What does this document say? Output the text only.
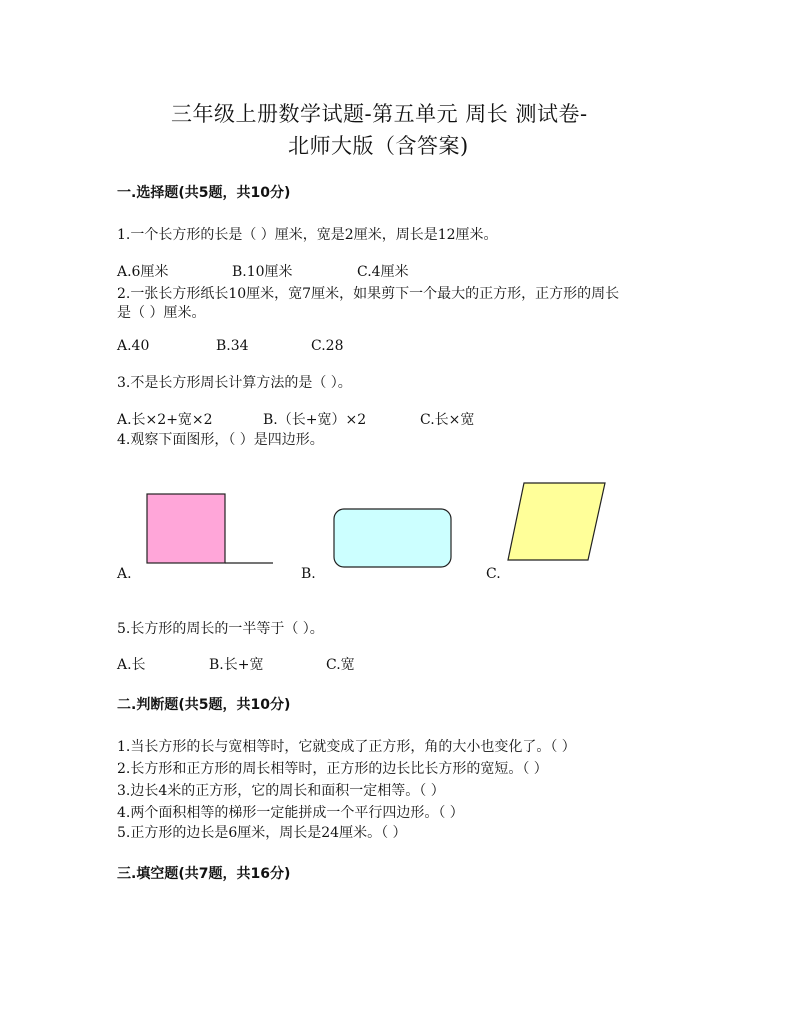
三年级上册数学试题-第五单元 周长 测试卷-
北师大版（含答案)
一.选择题(共5题，共10分)
1.一个长方形的长是（ ）厘米，宽是2厘米，周长是12厘米。
A.6厘米	B.10厘米	C.4厘米
2.一张长方形纸长10厘米，宽7厘米，如果剪下一个最大的正方形，正方形的周长
是（ ）厘米。
A.40	B.34	C.28
3.不是长方形周长计算方法的是（ ）。
A.长×2+宽×2	B.（长+宽）×2	C.长×宽
4.观察下面图形，（ ）是四边形。
A.	B.	C.
5.长方形的周长的一半等于（ ）。
A.长	B.长+宽	C.宽
二.判断题(共5题，共10分)
1.当长方形的长与宽相等时，它就变成了正方形，角的大小也变化了。（ ）
2.长方形和正方形的周长相等时，正方形的边长比长方形的宽短。（ ）
3.边长4米的正方形，它的周长和面积一定相等。（ ）
4.两个面积相等的梯形一定能拼成一个平行四边形。（ ）
5.正方形的边长是6厘米，周长是24厘米。（ ）
三.填空题(共7题，共16分)
